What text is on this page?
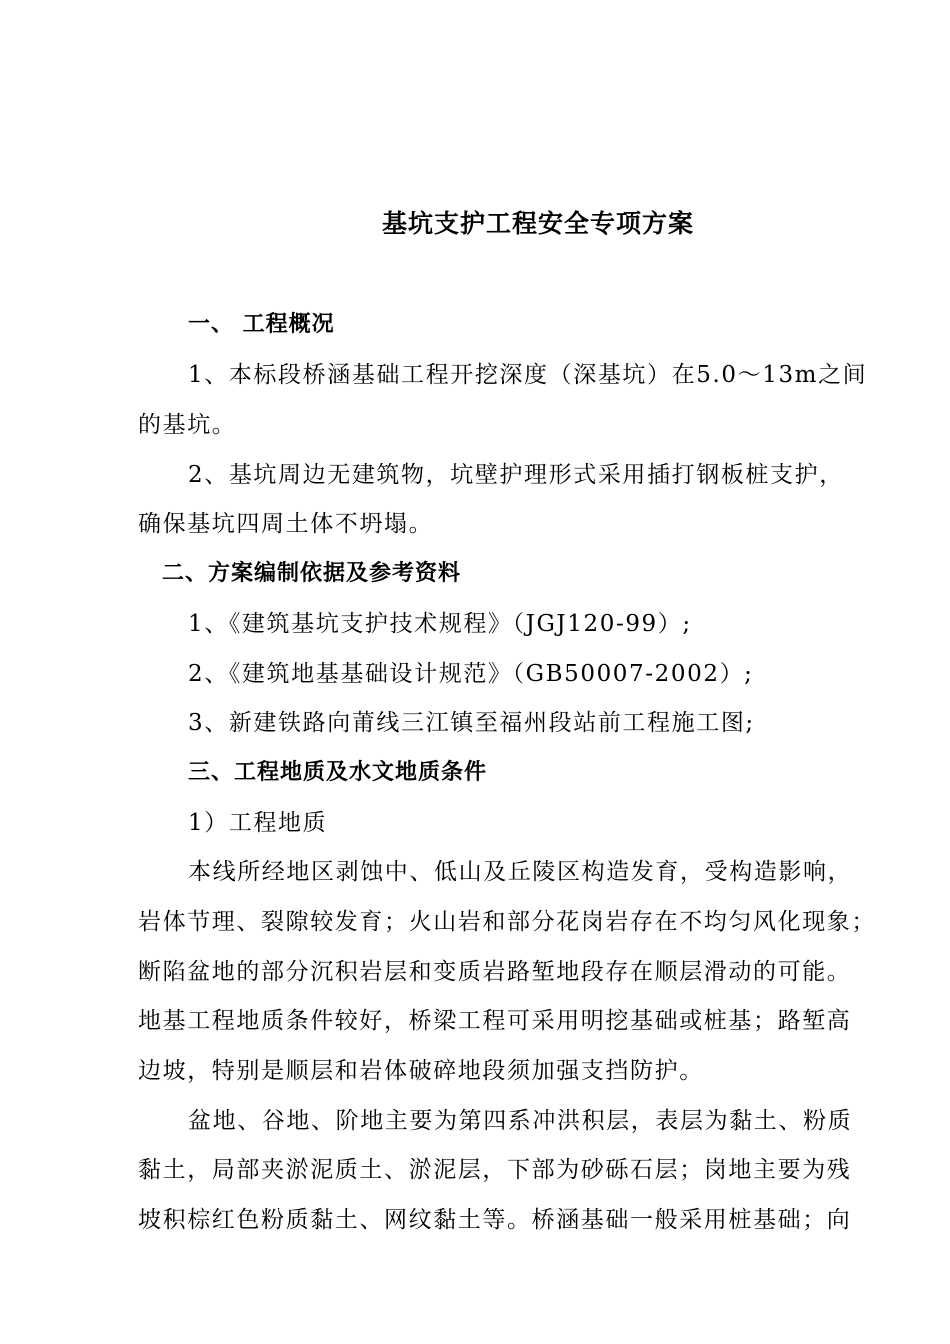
基坑支护工程安全专项方案
一、 工程概况
1、本标段桥涵基础工程开挖深度（深基坑）在5.0～13m之间
的基坑。
2、基坑周边无建筑物，坑壁护理形式采用插打钢板桩支护，
确保基坑四周土体不坍塌。
二、方案编制依据及参考资料
1、《建筑基坑支护技术规程》（JGJ120-99）;
2、《建筑地基基础设计规范》（GB50007-2002）;
3、新建铁路向莆线三江镇至福州段站前工程施工图;
三、工程地质及水文地质条件
1）工程地质
本线所经地区剥蚀中、低山及丘陵区构造发育，受构造影响，
岩体节理、裂隙较发育；火山岩和部分花岗岩存在不均匀风化现象；
断陷盆地的部分沉积岩层和变质岩路堑地段存在顺层滑动的可能。
地基工程地质条件较好，桥梁工程可采用明挖基础或桩基；路堑高
边坡，特别是顺层和岩体破碎地段须加强支挡防护。
盆地、谷地、阶地主要为第四系冲洪积层，表层为黏土、粉质
黏土，局部夹淤泥质土、淤泥层，下部为砂砾石层；岗地主要为残
坡积棕红色粉质黏土、网纹黏土等。桥涵基础一般采用桩基础；向
